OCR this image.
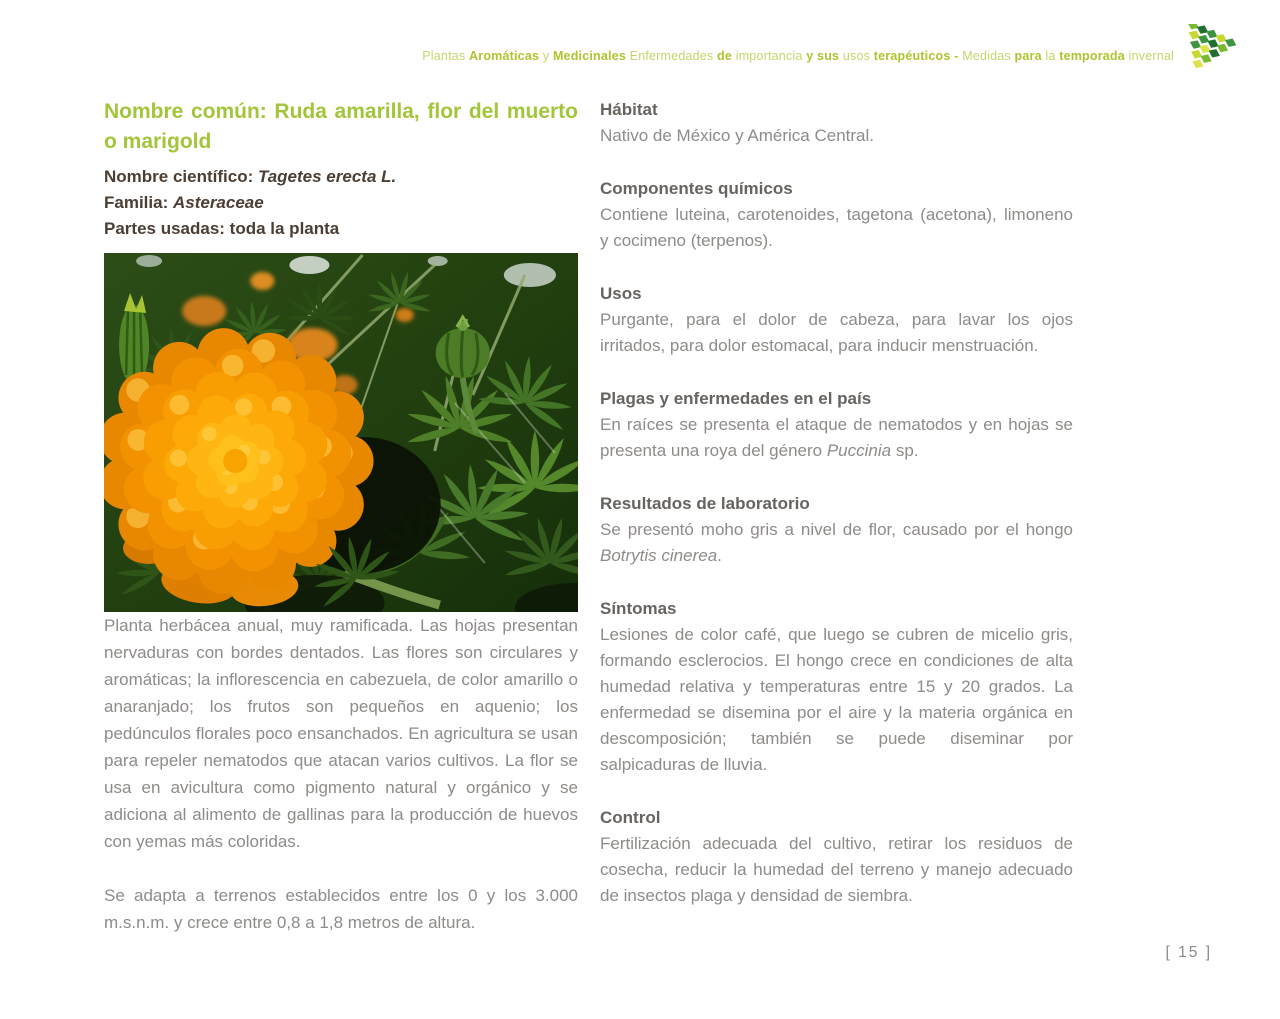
Plantas Aromáticas y Medicinales Enfermedades de importancia y sus usos terapéuticos - Medidas para la temporada invernal
Nombre común: Ruda amarilla, flor del muerto o marigold

Nombre científico: Tagetes erecta L.

Familia: Asteraceae

Partes usadas: toda la planta

Planta herbácea anual, muy ramificada. Las hojas presentan nervaduras con bordes dentados. Las flores son circulares y aromáticas; la inflorescencia en cabezuela, de color amarillo o anaranjado; los frutos son pequeños en aquenio; los pedúnculos florales poco ensanchados. En agricultura se usan para repeler nematodos que atacan varios cultivos. La flor se usa en avicultura como pigmento natural y orgánico y se adiciona al alimento de gallinas para la producción de huevos con yemas más coloridas.

Se adapta a terrenos establecidos entre los 0 y los 3.000 m.s.n.m. y crece entre 0,8 a 1,8 metros de altura.

Hábitat

Nativo de México y América Central.

Componentes químicos

Contiene luteina, carotenoides, tagetona (acetona), limoneno y cocimeno (terpenos).

Usos

Purgante, para el dolor de cabeza, para lavar los ojos irritados, para dolor estomacal, para inducir menstruación.

Plagas y enfermedades en el país

En raíces se presenta el ataque de nematodos y en hojas se presenta una roya del género Puccinia sp.

Resultados de laboratorio

Se presentó moho gris a nivel de flor, causado por el hongo Botrytis cinerea.

Síntomas

Lesiones de color café, que luego se cubren de micelio gris, formando esclerocios. El hongo crece en condiciones de alta humedad relativa y temperaturas entre 15 y 20 grados. La enfermedad se disemina por el aire y la materia orgánica en descomposición; también se puede diseminar por salpicaduras de lluvia.

Control

Fertilización adecuada del cultivo, retirar los residuos de cosecha, reducir la humedad del terreno y manejo adecuado de insectos plaga y densidad de siembra.

[ 15 ]
